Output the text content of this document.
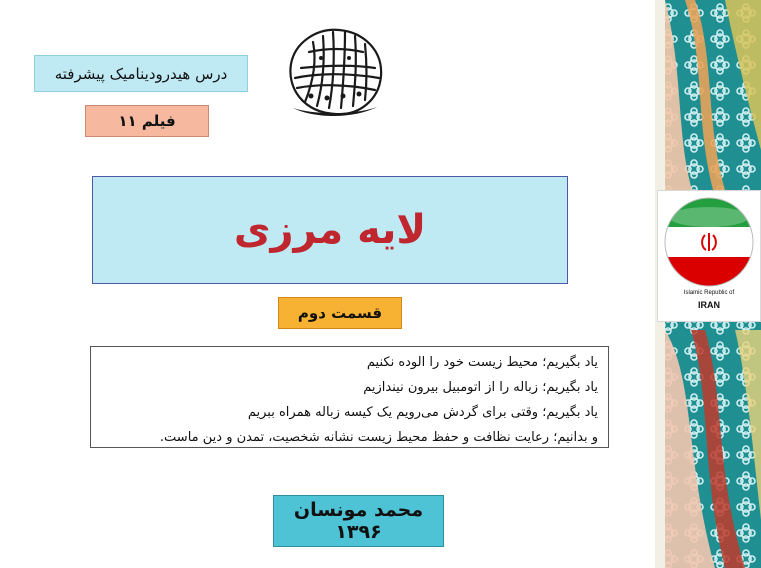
درس هیدرودینامیک پیشرفته
فیلم ۱۱
لایه مرزی
قسمت دوم
یاد بگیریم؛ محیط زیست خود را الوده نکنیم
یاد بگیریم؛ زباله را از اتومبیل بیرون نیندازیم
یاد بگیریم؛ وقتی برای گردش می‌رویم یک کیسه زباله همراه ببریم
و بدانیم؛ رعایت نظافت و حفظ محیط زیست نشانه شخصیت، تمدن و دین ماست.
محمد مونسان
۱۳۹۶
Islamic Republic of
IRAN
